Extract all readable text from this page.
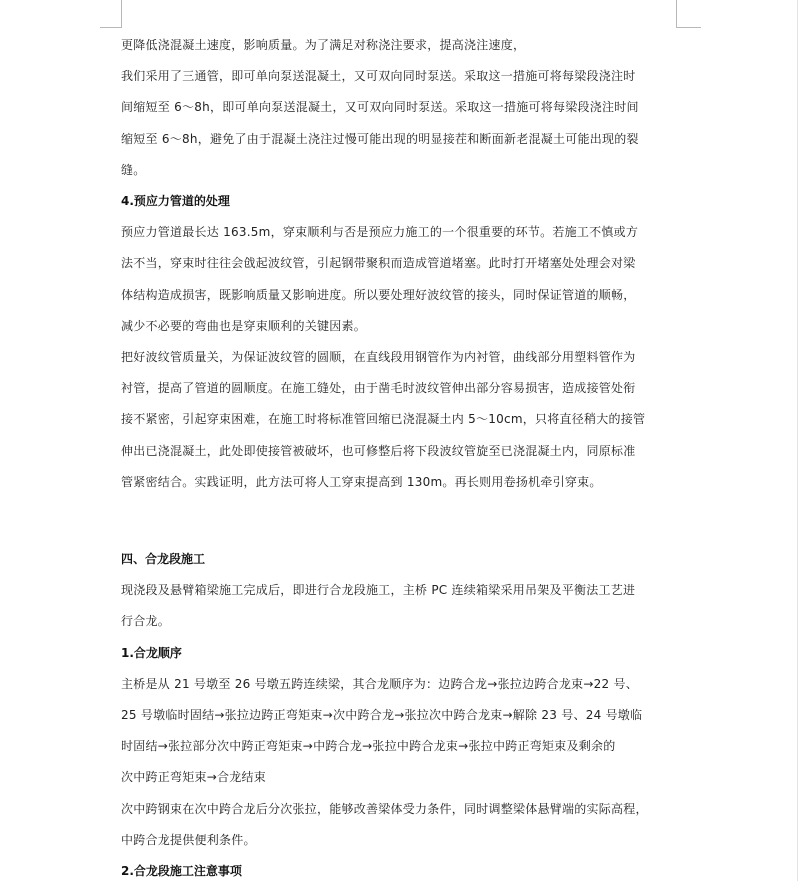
更降低浇混凝土速度，影响质量。为了满足对称浇注要求，提高浇注速度，

我们采用了三通管，即可单向泵送混凝土，又可双向同时泵送。采取这一措施可将每梁段浇注时

间缩短至 6～8h，即可单向泵送混凝土，又可双向同时泵送。采取这一措施可将每梁段浇注时间

缩短至 6～8h，避免了由于混凝土浇注过慢可能出现的明显接茬和断面新老混凝土可能出现的裂

缝。

4.预应力管道的处理

预应力管道最长达 163.5m，穿束顺利与否是预应力施工的一个很重要的环节。若施工不慎或方

法不当，穿束时往往会戗起波纹管，引起钢带聚积而造成管道堵塞。此时打开堵塞处处理会对梁

体结构造成损害，既影响质量又影响进度。所以要处理好波纹管的接头，同时保证管道的顺畅，

减少不必要的弯曲也是穿束顺利的关键因素。

把好波纹管质量关，为保证波纹管的圆顺，在直线段用钢管作为内衬管，曲线部分用塑料管作为

衬管，提高了管道的圆顺度。在施工缝处，由于凿毛时波纹管伸出部分容易损害，造成接管处衔

接不紧密，引起穿束困难，在施工时将标准管回缩已浇混凝土内 5～10cm，只将直径稍大的接管

伸出已浇混凝土，此处即使接管被破坏，也可修整后将下段波纹管旋至已浇混凝土内，同原标准

管紧密结合。实践证明，此方法可将人工穿束提高到 130m。再长则用卷扬机牵引穿束。

四、合龙段施工

现浇段及悬臂箱梁施工完成后，即进行合龙段施工，主桥 PC 连续箱梁采用吊架及平衡法工艺进

行合龙。

1.合龙顺序

主桥是从 21 号墩至 26 号墩五跨连续梁，其合龙顺序为：边跨合龙→张拉边跨合龙束→22 号、

25 号墩临时固结→张拉边跨正弯矩束→次中跨合龙→张拉次中跨合龙束→解除 23 号、24 号墩临

时固结→张拉部分次中跨正弯矩束→中跨合龙→张拉中跨合龙束→张拉中跨正弯矩束及剩余的

次中跨正弯矩束→合龙结束

次中跨钢束在次中跨合龙后分次张拉，能够改善梁体受力条件，同时调整梁体悬臂端的实际高程，

中跨合龙提供便利条件。

2.合龙段施工注意事项
